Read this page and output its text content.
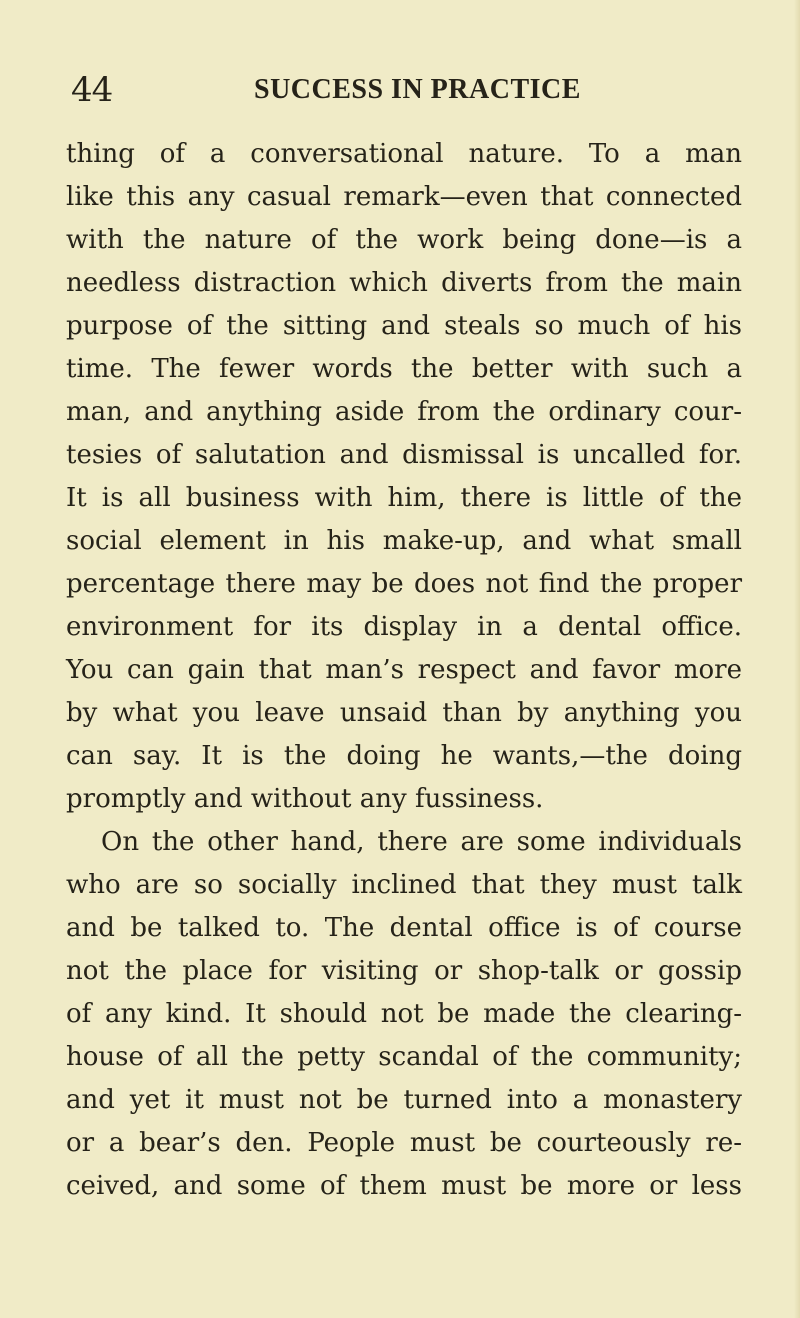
44	SUCCESS IN PRACTICE
thing of a conversational nature. To a man
like this any casual remark—even that connected
with the nature of the work being done—is a
needless distraction which diverts from the main
purpose of the sitting and steals so much of his
time. The fewer words the better with such a
man, and anything aside from the ordinary cour-
tesies of salutation and dismissal is uncalled for.
It is all business with him, there is little of the
social element in his make-up, and what small
percentage there may be does not find the proper
environment for its display in a dental office.
You can gain that man’s respect and favor more
by what you leave unsaid than by anything you
can say. It is the doing he wants,—the doing
promptly and without any fussiness.
On the other hand, there are some individuals
who are so socially inclined that they must talk
and be talked to. The dental office is of course
not the place for visiting or shop-talk or gossip
of any kind. It should not be made the clearing-
house of all the petty scandal of the community;
and yet it must not be turned into a monastery
or a bear’s den. People must be courteously re-
ceived, and some of them must be more or less
